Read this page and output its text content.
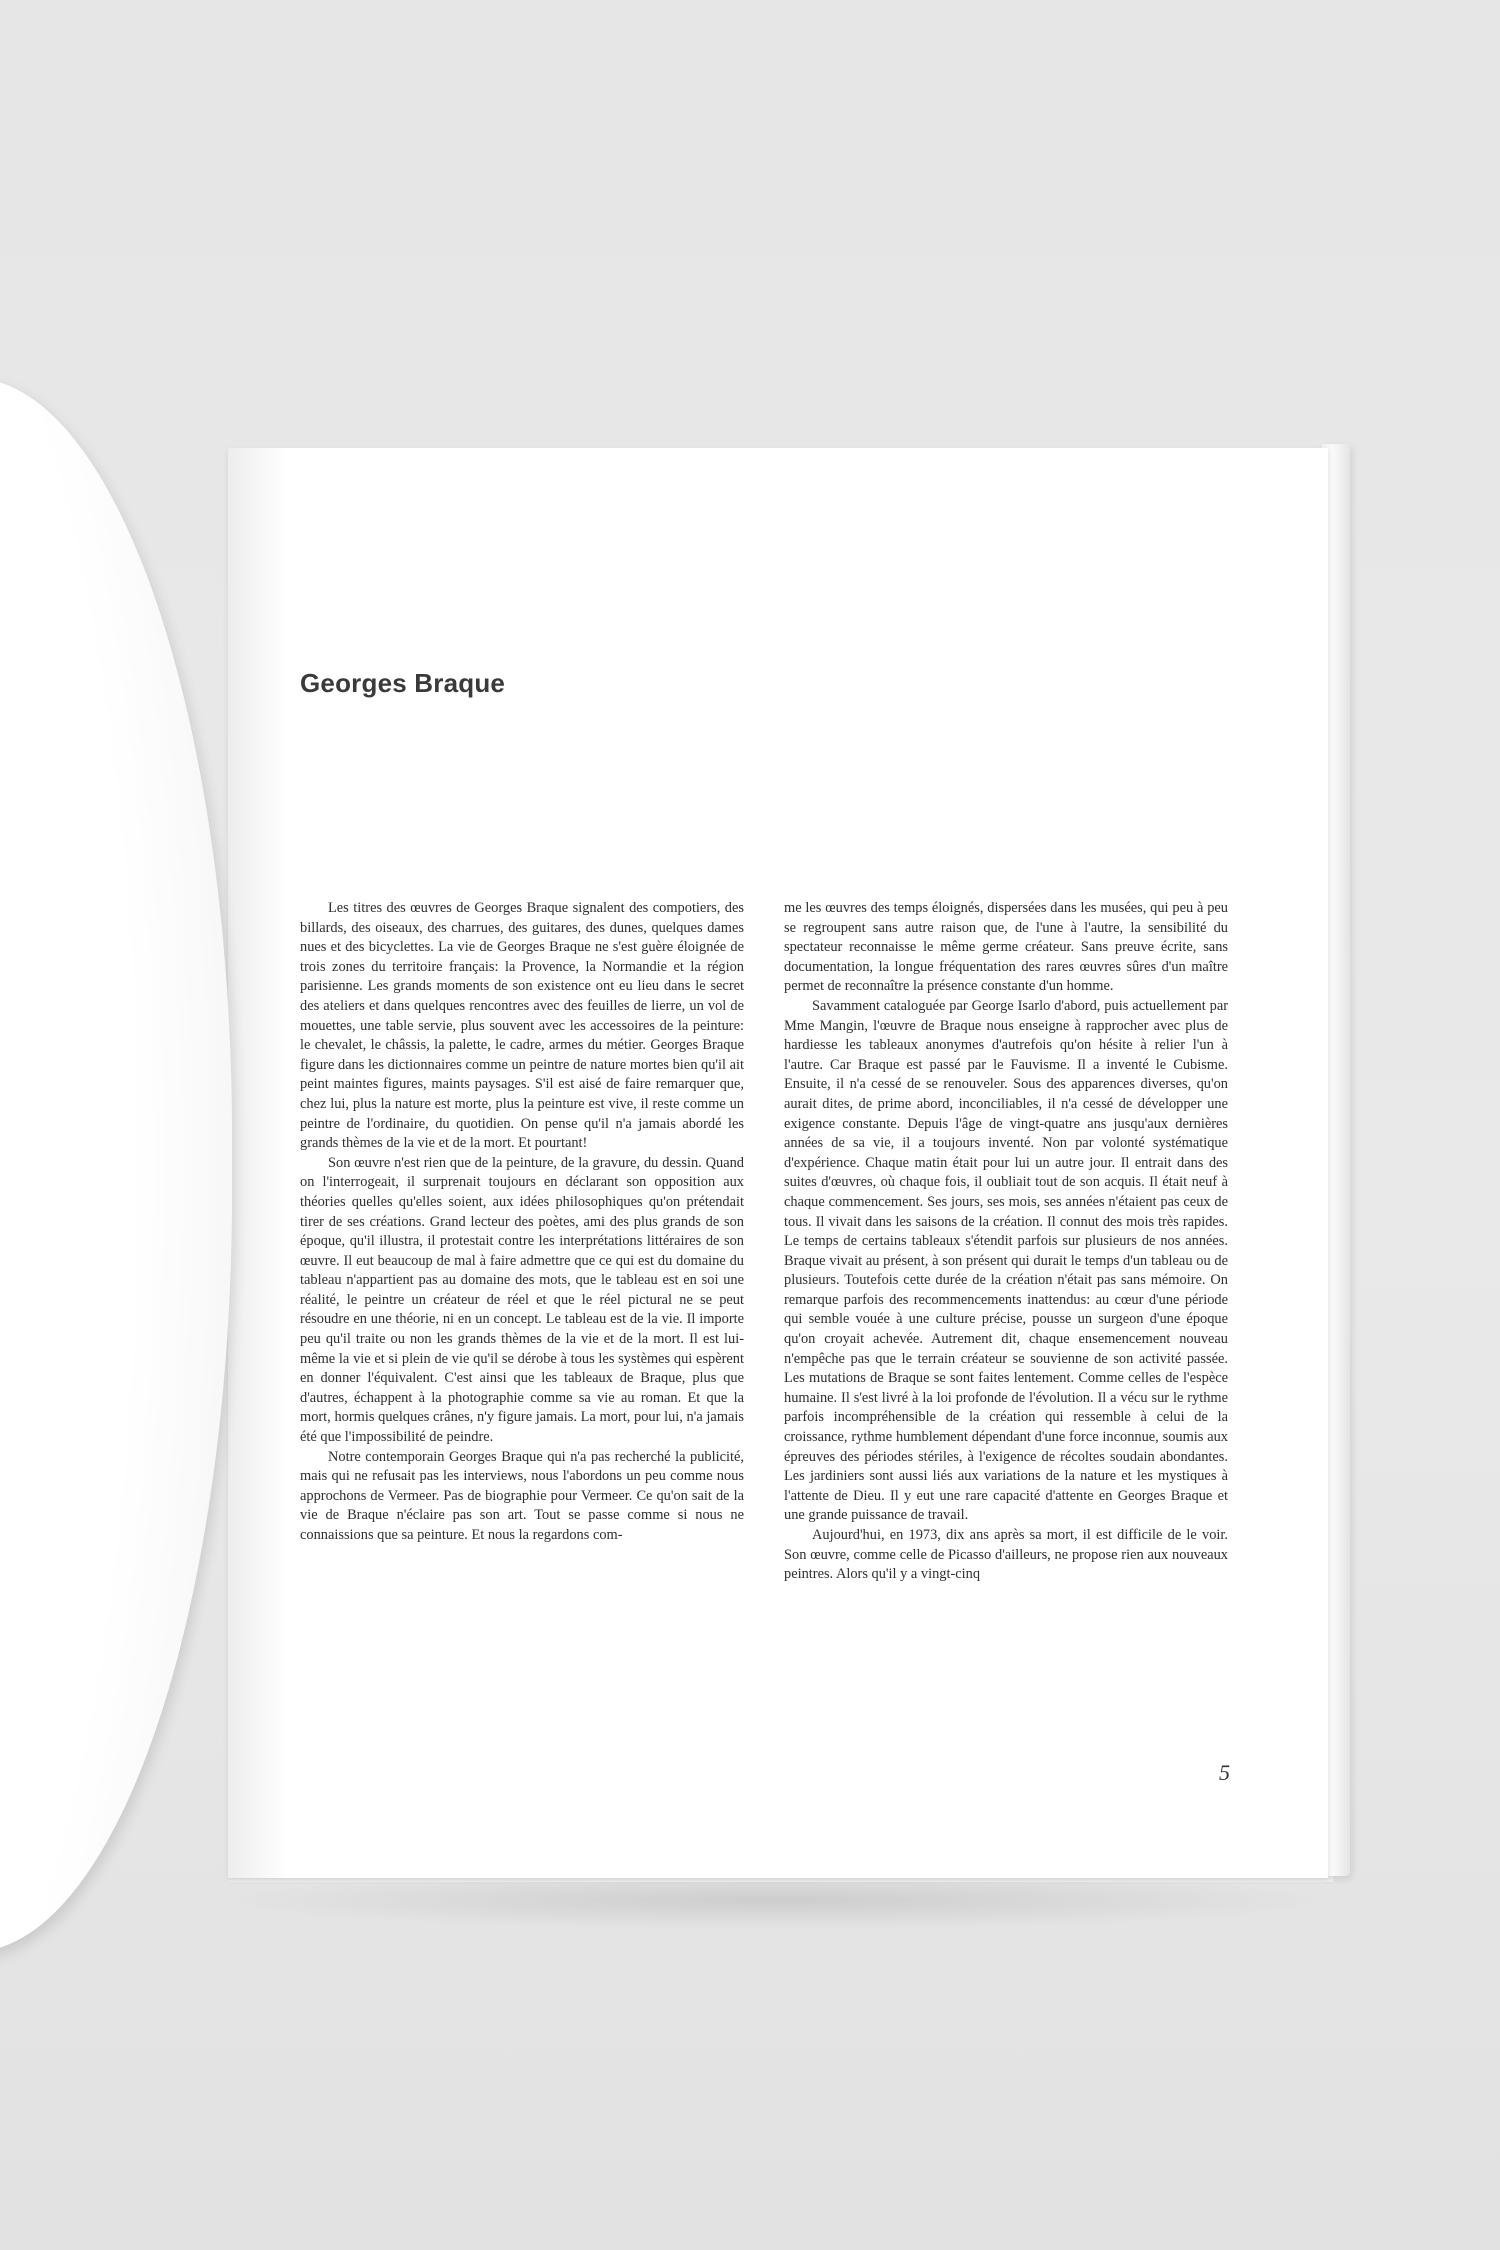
Georges Braque

Les titres des œuvres de Georges Braque signalent des compotiers, des billards, des oiseaux, des charrues, des guitares, des dunes, quelques dames nues et des bicyclettes. La vie de Georges Braque ne s'est guère éloignée de trois zones du territoire français: la Provence, la Normandie et la région parisienne. Les grands moments de son existence ont eu lieu dans le secret des ateliers et dans quelques rencontres avec des feuilles de lierre, un vol de mouettes, une table servie, plus souvent avec les accessoires de la peinture: le chevalet, le châssis, la palette, le cadre, armes du métier. Georges Braque figure dans les dictionnaires comme un peintre de nature mortes bien qu'il ait peint maintes figures, maints paysages. S'il est aisé de faire remarquer que, chez lui, plus la nature est morte, plus la peinture est vive, il reste comme un peintre de l'ordinaire, du quotidien. On pense qu'il n'a jamais abordé les grands thèmes de la vie et de la mort. Et pourtant!

Son œuvre n'est rien que de la peinture, de la gravure, du dessin. Quand on l'interrogeait, il surprenait toujours en déclarant son opposition aux théories quelles qu'elles soient, aux idées philosophiques qu'on prétendait tirer de ses créations. Grand lecteur des poètes, ami des plus grands de son époque, qu'il illustra, il protestait contre les interprétations littéraires de son œuvre. Il eut beaucoup de mal à faire admettre que ce qui est du domaine du tableau n'appartient pas au domaine des mots, que le tableau est en soi une réalité, le peintre un créateur de réel et que le réel pictural ne se peut résoudre en une théorie, ni en un concept. Le tableau est de la vie. Il importe peu qu'il traite ou non les grands thèmes de la vie et de la mort. Il est lui-même la vie et si plein de vie qu'il se dérobe à tous les systèmes qui espèrent en donner l'équivalent. C'est ainsi que les tableaux de Braque, plus que d'autres, échappent à la photographie comme sa vie au roman. Et que la mort, hormis quelques crânes, n'y figure jamais. La mort, pour lui, n'a jamais été que l'impossibilité de peindre.

Notre contemporain Georges Braque qui n'a pas recherché la publicité, mais qui ne refusait pas les interviews, nous l'abordons un peu comme nous approchons de Vermeer. Pas de biographie pour Vermeer. Ce qu'on sait de la vie de Braque n'éclaire pas son art. Tout se passe comme si nous ne connaissions que sa peinture. Et nous la regardons com-

me les œuvres des temps éloignés, dispersées dans les musées, qui peu à peu se regroupent sans autre raison que, de l'une à l'autre, la sensibilité du spectateur reconnaisse le même germe créateur. Sans preuve écrite, sans documentation, la longue fréquentation des rares œuvres sûres d'un maître permet de reconnaître la présence constante d'un homme.

Savamment cataloguée par George Isarlo d'abord, puis actuellement par Mme Mangin, l'œuvre de Braque nous enseigne à rapprocher avec plus de hardiesse les tableaux anonymes d'autrefois qu'on hésite à relier l'un à l'autre. Car Braque est passé par le Fauvisme. Il a inventé le Cubisme. Ensuite, il n'a cessé de se renouveler. Sous des apparences diverses, qu'on aurait dites, de prime abord, inconciliables, il n'a cessé de développer une exigence constante. Depuis l'âge de vingt-quatre ans jusqu'aux dernières années de sa vie, il a toujours inventé. Non par volonté systématique d'expérience. Chaque matin était pour lui un autre jour. Il entrait dans des suites d'œuvres, où chaque fois, il oubliait tout de son acquis. Il était neuf à chaque commencement. Ses jours, ses mois, ses années n'étaient pas ceux de tous. Il vivait dans les saisons de la création. Il connut des mois très rapides. Le temps de certains tableaux s'étendit parfois sur plusieurs de nos années. Braque vivait au présent, à son présent qui durait le temps d'un tableau ou de plusieurs. Toutefois cette durée de la création n'était pas sans mémoire. On remarque parfois des recommencements inattendus: au cœur d'une période qui semble vouée à une culture précise, pousse un surgeon d'une époque qu'on croyait achevée. Autrement dit, chaque ensemencement nouveau n'empêche pas que le terrain créateur se souvienne de son activité passée. Les mutations de Braque se sont faites lentement. Comme celles de l'espèce humaine. Il s'est livré à la loi profonde de l'évolution. Il a vécu sur le rythme parfois incompréhensible de la création qui ressemble à celui de la croissance, rythme humblement dépendant d'une force inconnue, soumis aux épreuves des périodes stériles, à l'exigence de récoltes soudain abondantes. Les jardiniers sont aussi liés aux variations de la nature et les mystiques à l'attente de Dieu. Il y eut une rare capacité d'attente en Georges Braque et une grande puissance de travail.

Aujourd'hui, en 1973, dix ans après sa mort, il est difficile de le voir. Son œuvre, comme celle de Picasso d'ailleurs, ne propose rien aux nouveaux peintres. Alors qu'il y a vingt-cinq

5
